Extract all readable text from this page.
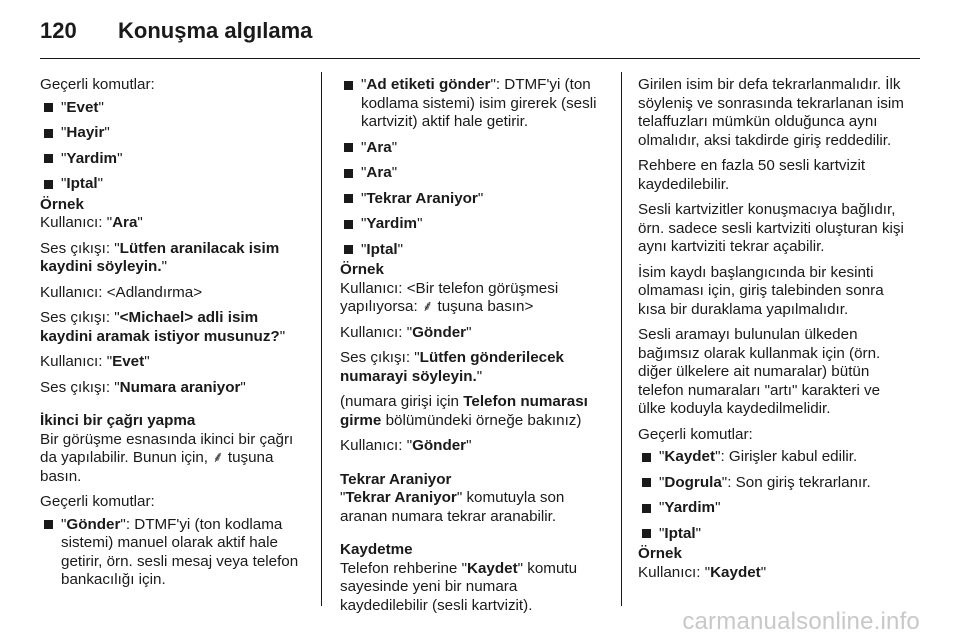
120	Konuşma algılama
Geçerli komutlar:
"Evet"
"Hayir"
"Yardim"
"Iptal"
Örnek
Kullanıcı: "Ara"
Ses çıkışı: "Lütfen aranilacak isim kaydini söyleyin."
Kullanıcı: <Adlandırma>
Ses çıkışı: "<Michael> adli isim kaydini aramak istiyor musunuz?"
Kullanıcı: "Evet"
Ses çıkışı: "Numara araniyor"
İkinci bir çağrı yapma
Bir görüşme esnasında ikinci bir çağrı da yapılabilir. Bunun için, ⸙ tuşuna basın.
Geçerli komutlar:
"Gönder": DTMF'yi (ton kodlama sistemi) manuel olarak aktif hale getirir, örn. sesli mesaj veya telefon bankacılığı için.
"Ad etiketi gönder": DTMF'yi (ton kodlama sistemi) isim girerek (sesli kartvizit) aktif hale getirir.
"Ara"
"Ara"
"Tekrar Araniyor"
"Yardim"
"Iptal"
Örnek
Kullanıcı: <Bir telefon görüşmesi yapılıyorsa: ⸙ tuşuna basın>
Kullanıcı: "Gönder"
Ses çıkışı: "Lütfen gönderilecek numarayi söyleyin."
(numara girişi için Telefon numarası girme bölümündeki örneğe bakınız)
Kullanıcı: "Gönder"
Tekrar Araniyor
"Tekrar Araniyor" komutuyla son aranan numara tekrar aranabilir.
Kaydetme
Telefon rehberine "Kaydet" komutu sayesinde yeni bir numara kaydedilebilir (sesli kartvizit).
Girilen isim bir defa tekrarlanmalıdır. İlk söyleniş ve sonrasında tekrarlanan isim telaffuzları mümkün olduğunca aynı olmalıdır, aksi takdirde giriş reddedilir.
Rehbere en fazla 50 sesli kartvizit kaydedilebilir.
Sesli kartvizitler konuşmacıya bağlıdır, örn. sadece sesli kartviziti oluşturan kişi aynı kartviziti tekrar açabilir.
İsim kaydı başlangıcında bir kesinti olmaması için, giriş talebinden sonra kısa bir duraklama yapılmalıdır.
Sesli aramayı bulunulan ülkeden bağımsız olarak kullanmak için (örn. diğer ülkelere ait numaralar) bütün telefon numaraları "artı" karakteri ve ülke koduyla kaydedilmelidir.
Geçerli komutlar:
"Kaydet": Girişler kabul edilir.
"Dogrula": Son giriş tekrarlanır.
"Yardim"
"Iptal"
Örnek
Kullanıcı: "Kaydet"
carmanualsonline.info
